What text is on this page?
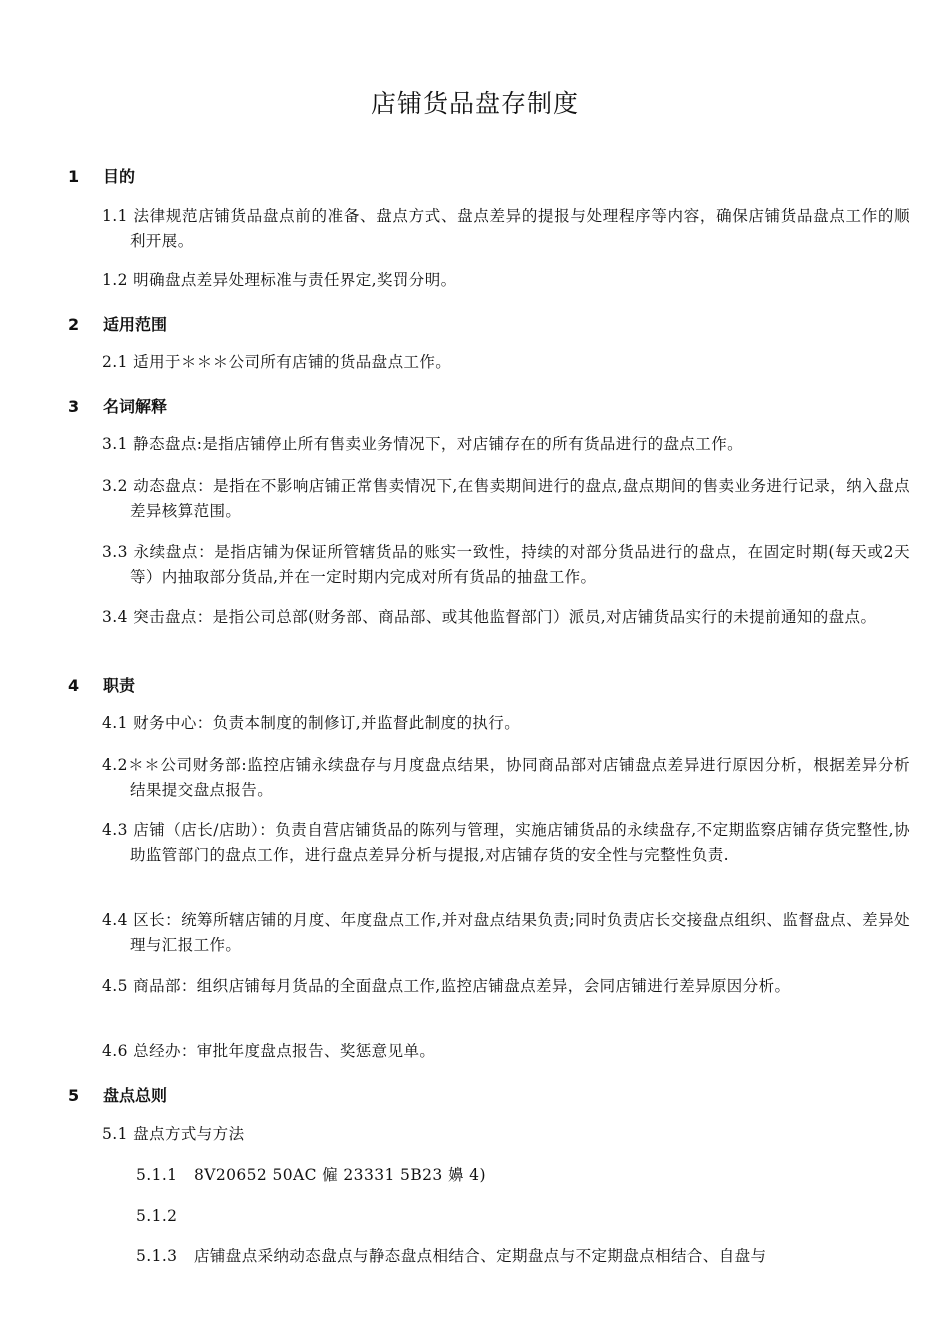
店铺货品盘存制度
1 目的
1.1 法律规范店铺货品盘点前的准备、盘点方式、盘点差异的提报与处理程序等内容，确保店铺货品盘点工作的顺利开展。
1.2 明确盘点差异处理标准与责任界定,奖罚分明。
2 适用范围
2.1 适用于＊＊＊公司所有店铺的货品盘点工作。
3 名词解释
3.1 静态盘点:是指店铺停止所有售卖业务情况下，对店铺存在的所有货品进行的盘点工作。
3.2 动态盘点：是指在不影响店铺正常售卖情况下,在售卖期间进行的盘点,盘点期间的售卖业务进行记录，纳入盘点差异核算范围。
3.3 永续盘点：是指店铺为保证所管辖货品的账实一致性，持续的对部分货品进行的盘点，在固定时期(每天或2天等）内抽取部分货品,并在一定时期内完成对所有货品的抽盘工作。
3.4 突击盘点：是指公司总部(财务部、商品部、或其他监督部门）派员,对店铺货品实行的未提前通知的盘点。
4 职责
4.1 财务中心：负责本制度的制修订,并监督此制度的执行。
4.2＊＊公司财务部:监控店铺永续盘存与月度盘点结果，协同商品部对店铺盘点差异进行原因分析，根据差异分析结果提交盘点报告。
4.3 店铺（店长/店助）：负责自营店铺货品的陈列与管理，实施店铺货品的永续盘存,不定期监察店铺存货完整性,协助监管部门的盘点工作，进行盘点差异分析与提报,对店铺存货的安全性与完整性负责.
4.4 区长：统筹所辖店铺的月度、年度盘点工作,并对盘点结果负责;同时负责店长交接盘点组织、监督盘点、差异处理与汇报工作。
4.5 商品部：组织店铺每月货品的全面盘点工作,监控店铺盘点差异，会同店铺进行差异原因分析。
4.6 总经办：审批年度盘点报告、奖惩意见单。
5 盘点总则
5.1 盘点方式与方法
5.1.1 8V20652 50AC 僱 23331 5B23 嬶 4)
5.1.2
5.1.3 店铺盘点采纳动态盘点与静态盘点相结合、定期盘点与不定期盘点相结合、自盘与
